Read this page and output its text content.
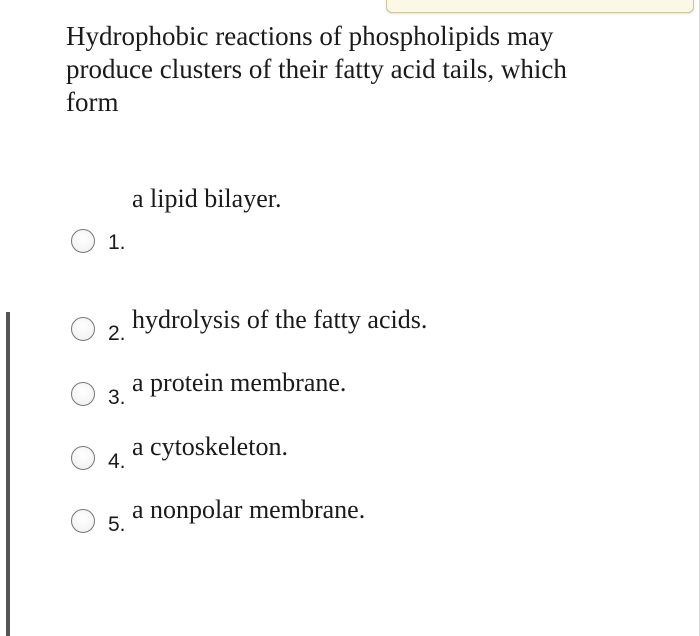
Hydrophobic reactions of phospholipids may produce clusters of their fatty acid tails, which form
a lipid bilayer.
1.
hydrolysis of the fatty acids.
2.
a protein membrane.
3.
a cytoskeleton.
4.
a nonpolar membrane.
5.
